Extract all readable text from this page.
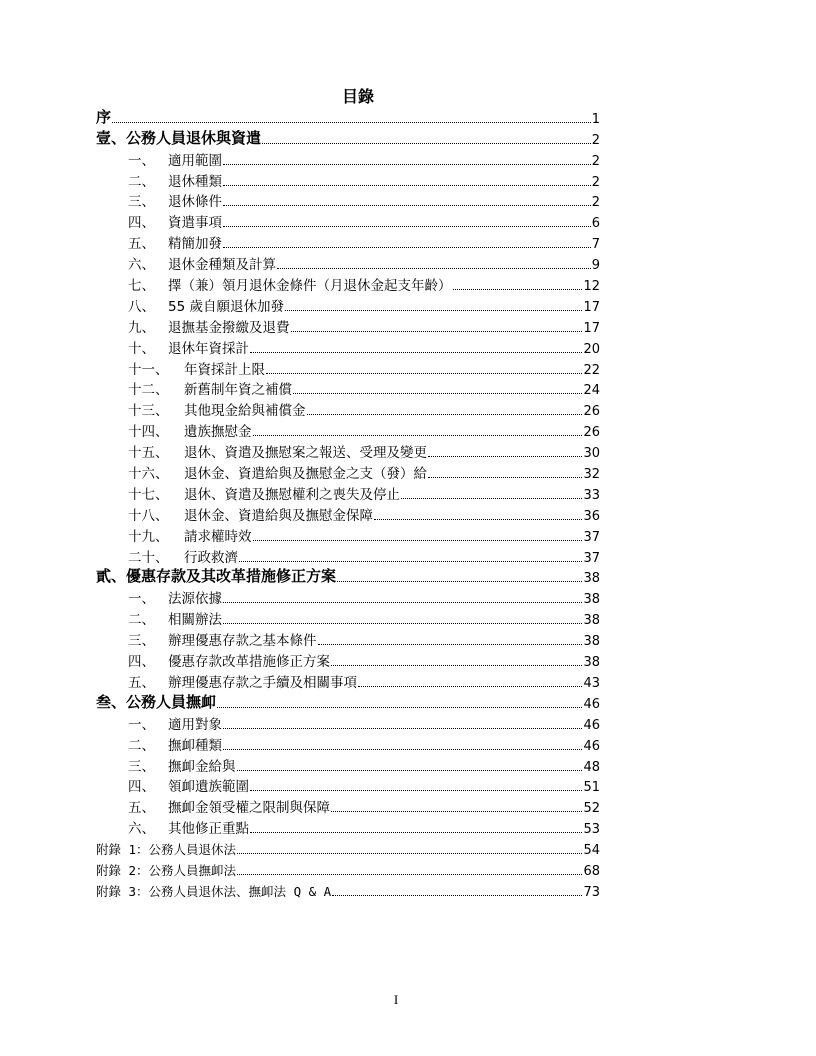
目錄
序	1
壹、公務人員退休與資遣	2
一、 適用範圍	2
二、 退休種類	2
三、 退休條件	2
四、 資遣事項	6
五、 精簡加發	7
六、 退休金種類及計算	9
七、 擇（兼）領月退休金條件（月退休金起支年齡）	12
八、 55 歲自願退休加發	17
九、 退撫基金撥繳及退費	17
十、 退休年資採計	20
十一、	年資採計上限	22
十二、	新舊制年資之補償	24
十三、	其他現金給與補償金	26
十四、	遺族撫慰金	26
十五、	退休、資遣及撫慰案之報送、受理及變更	30
十六、	退休金、資遣給與及撫慰金之支（發）給	32
十七、	退休、資遣及撫慰權利之喪失及停止	33
十八、	退休金、資遣給與及撫慰金保障	36
十九、	請求權時效	37
二十、	行政救濟	37
貳、優惠存款及其改革措施修正方案	38
一、 法源依據	38
二、 相關辦法	38
三、 辦理優惠存款之基本條件	38
四、 優惠存款改革措施修正方案	38
五、 辦理優惠存款之手續及相關事項	43
叁、公務人員撫卹	46
一、 適用對象	46
二、 撫卹種類	46
三、 撫卹金給與	48
四、 領卹遺族範圍	51
五、 撫卹金領受權之限制與保障	52
六、 其他修正重點	53
附錄 1：公務人員退休法	54
附錄 2：公務人員撫卹法	68
附錄 3：公務人員退休法、撫卹法 Q & A	73
I
